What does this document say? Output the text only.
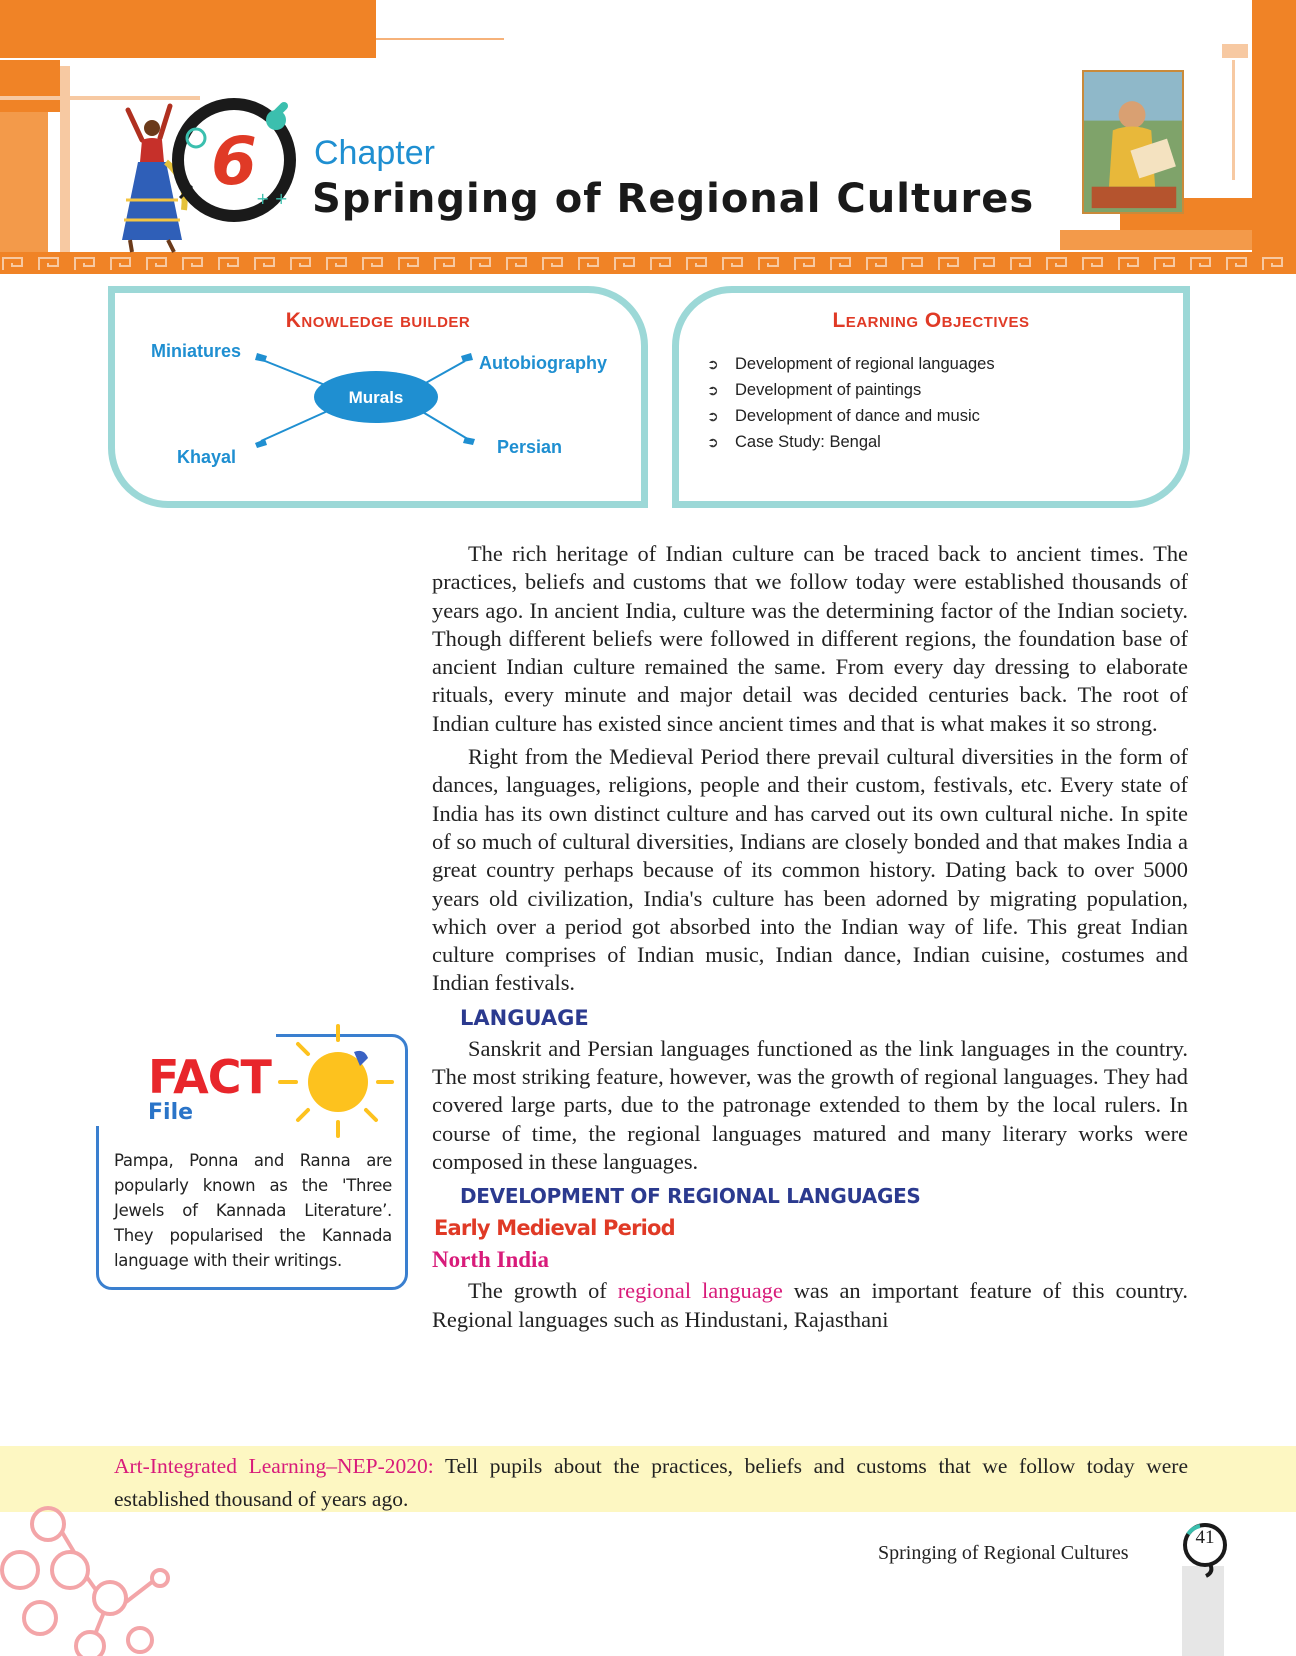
6 + +
Chapter
Springing of Regional Cultures
Knowledge builder
Murals
Miniatures
Autobiography
Khayal	Persian
Learning Objectives
➲ Development of regional languages
➲ Development of paintings
➲ Development of dance and music
➲ Case Study: Bengal

The rich heritage of Indian culture can be traced back to ancient times. The practices, beliefs and customs that we follow today were established thousands of years ago. In ancient India, culture was the determining factor of the Indian society. Though different beliefs were followed in different regions, the foundation base of ancient Indian culture remained the same. From every day dressing to elaborate rituals, every minute and major detail was decided centuries back. The root of Indian culture has existed since ancient times and that is what makes it so strong.

Right from the Medieval Period there prevail cultural diversities in the form of dances, languages, religions, people and their custom, festivals, etc. Every state of India has its own distinct culture and has carved out its own cultural niche. In spite of so much of cultural diversities, Indians are closely bonded and that makes India a great country perhaps because of its common history. Dating back to over 5000 years old civilization, India's culture has been adorned by migrating population, which over a period got absorbed into the Indian way of life. This great Indian culture comprises of Indian music, Indian dance, Indian cuisine, costumes and Indian festivals.

LANGUAGE

Sanskrit and Persian languages functioned as the link languages in the country. The most striking feature, however, was the growth of regional languages. They had covered large parts, due to the patronage extended to them by the local rulers. In course of time, the regional languages matured and many literary works were composed in these languages.

DEVELOPMENT OF REGIONAL LANGUAGES
Early Medieval Period
North India

The growth of regional language was an important feature of this country. Regional languages such as Hindustani, Rajasthani

FACT
File
Pampa, Ponna and Ranna are popularly known as the 'Three Jewels of Kannada Literature’. They popularised the Kannada language with their writings.
Art-Integrated Learning–NEP-2020: Tell pupils about the practices, beliefs and customs that we follow today were established thousand of years ago.
Springing of Regional Cultures
41
